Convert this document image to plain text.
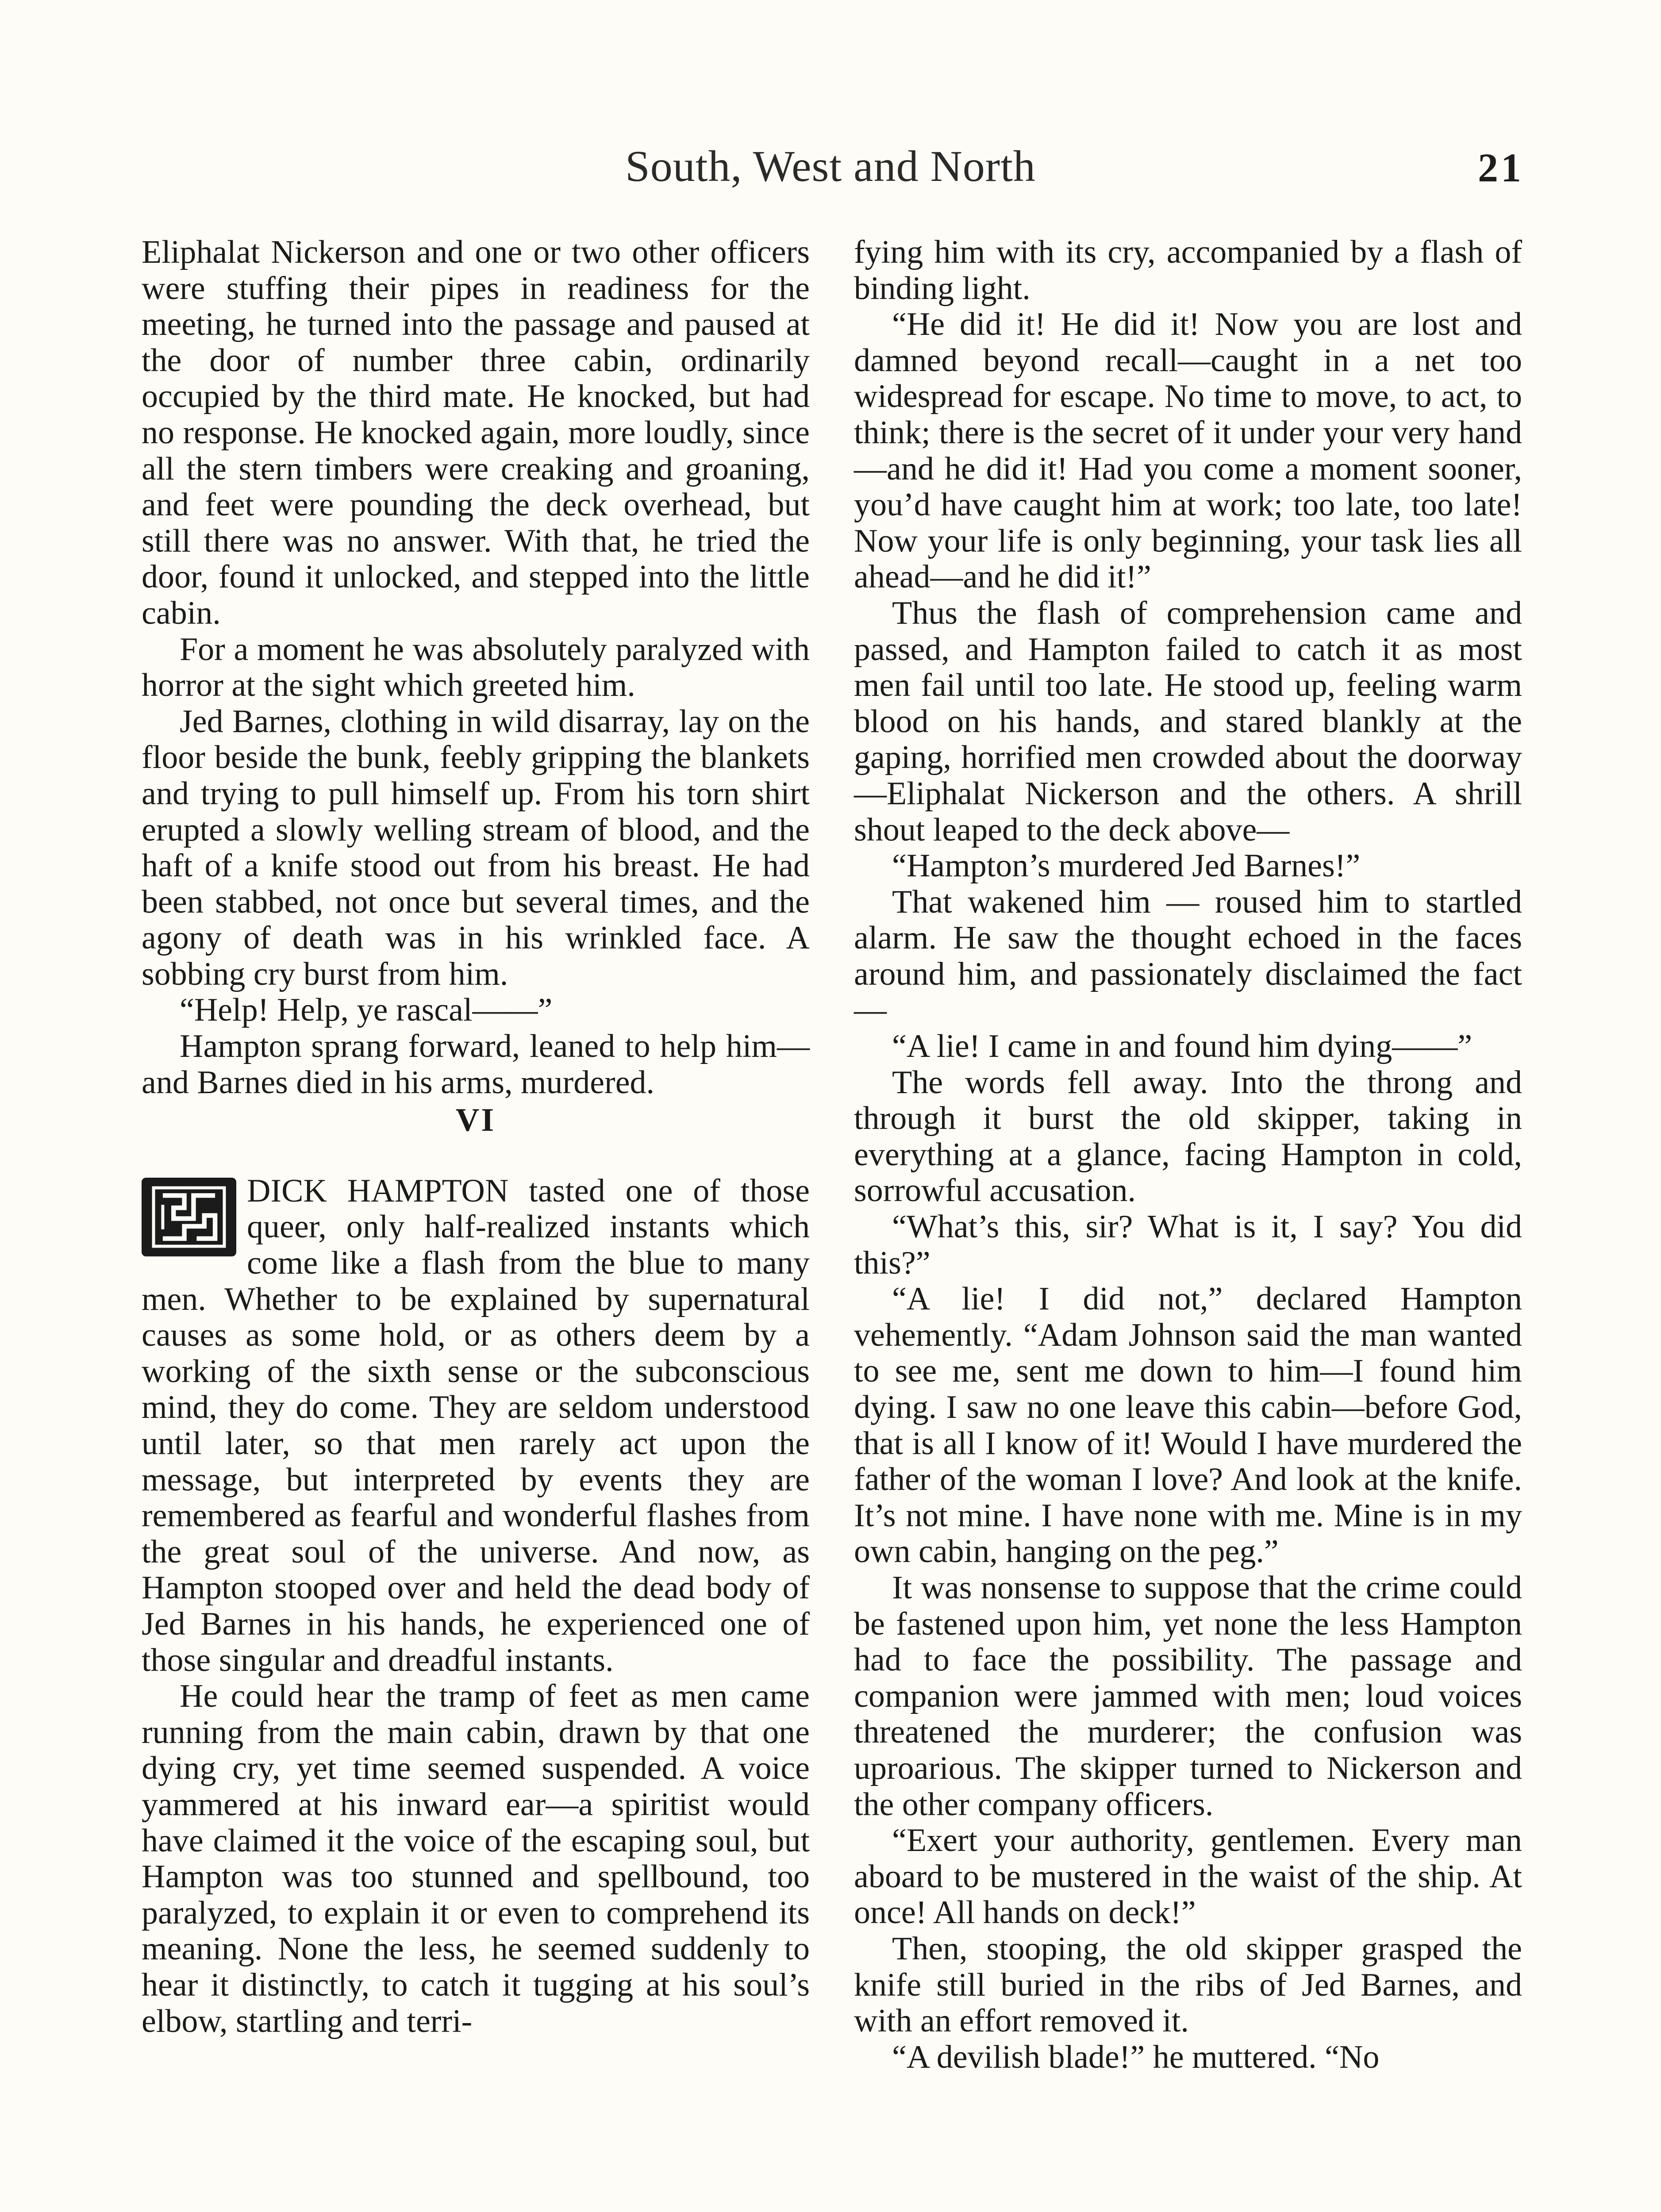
South, West and North	21

Eliphalat Nickerson and one or two other officers were stuffing their pipes in readiness for the meeting, he turned into the passage and paused at the door of number three cabin, ordinarily occupied by the third mate. He knocked, but had no response. He knocked again, more loudly, since all the stern timbers were creaking and groaning, and feet were pounding the deck overhead, but still there was no answer. With that, he tried the door, found it unlocked, and stepped into the little cabin.

For a moment he was absolutely paralyzed with horror at the sight which greeted him.

Jed Barnes, clothing in wild disarray, lay on the floor beside the bunk, feebly gripping the blankets and trying to pull himself up. From his torn shirt erupted a slowly welling stream of blood, and the haft of a knife stood out from his breast. He had been stabbed, not once but several times, and the agony of death was in his wrinkled face. A sobbing cry burst from him.

“Help! Help, ye rascal——”

Hampton sprang forward, leaned to help him—and Barnes died in his arms, murdered.

VI

DICK HAMPTON tasted one of those queer, only half-realized instants which come like a flash from the blue to many men. Whether to be explained by supernatural causes as some hold, or as others deem by a working of the sixth sense or the subconscious mind, they do come. They are seldom understood until later, so that men rarely act upon the message, but interpreted by events they are remembered as fearful and wonderful flashes from the great soul of the universe. And now, as Hampton stooped over and held the dead body of Jed Barnes in his hands, he experienced one of those singular and dreadful instants.

He could hear the tramp of feet as men came running from the main cabin, drawn by that one dying cry, yet time seemed suspended. A voice yammered at his inward ear—a spiritist would have claimed it the voice of the escaping soul, but Hampton was too stunned and spellbound, too paralyzed, to explain it or even to comprehend its meaning. None the less, he seemed suddenly to hear it distinctly, to catch it tugging at his soul’s elbow, startling and terri-

fying him with its cry, accompanied by a flash of binding light.

“He did it! He did it! Now you are lost and damned beyond recall—caught in a net too widespread for escape. No time to move, to act, to think; there is the secret of it under your very hand—and he did it! Had you come a moment sooner, you’d have caught him at work; too late, too late! Now your life is only beginning, your task lies all ahead—and he did it!”

Thus the flash of comprehension came and passed, and Hampton failed to catch it as most men fail until too late. He stood up, feeling warm blood on his hands, and stared blankly at the gaping, horrified men crowded about the doorway—Eliphalat Nickerson and the others. A shrill shout leaped to the deck above—

“Hampton’s murdered Jed Barnes!”

That wakened him — roused him to startled alarm. He saw the thought echoed in the faces around him, and passionately disclaimed the fact—

“A lie! I came in and found him dying——”

The words fell away. Into the throng and through it burst the old skipper, taking in everything at a glance, facing Hampton in cold, sorrowful accusation.

“What’s this, sir? What is it, I say? You did this?”

“A lie! I did not,” declared Hampton vehemently. “Adam Johnson said the man wanted to see me, sent me down to him—I found him dying. I saw no one leave this cabin—before God, that is all I know of it! Would I have murdered the father of the woman I love? And look at the knife. It’s not mine. I have none with me. Mine is in my own cabin, hanging on the peg.”

It was nonsense to suppose that the crime could be fastened upon him, yet none the less Hampton had to face the possibility. The passage and companion were jammed with men; loud voices threatened the murderer; the confusion was uproarious. The skipper turned to Nickerson and the other company officers.

“Exert your authority, gentlemen. Every man aboard to be mustered in the waist of the ship. At once! All hands on deck!”

Then, stooping, the old skipper grasped the knife still buried in the ribs of Jed Barnes, and with an effort removed it.

“A devilish blade!” he muttered. “No
